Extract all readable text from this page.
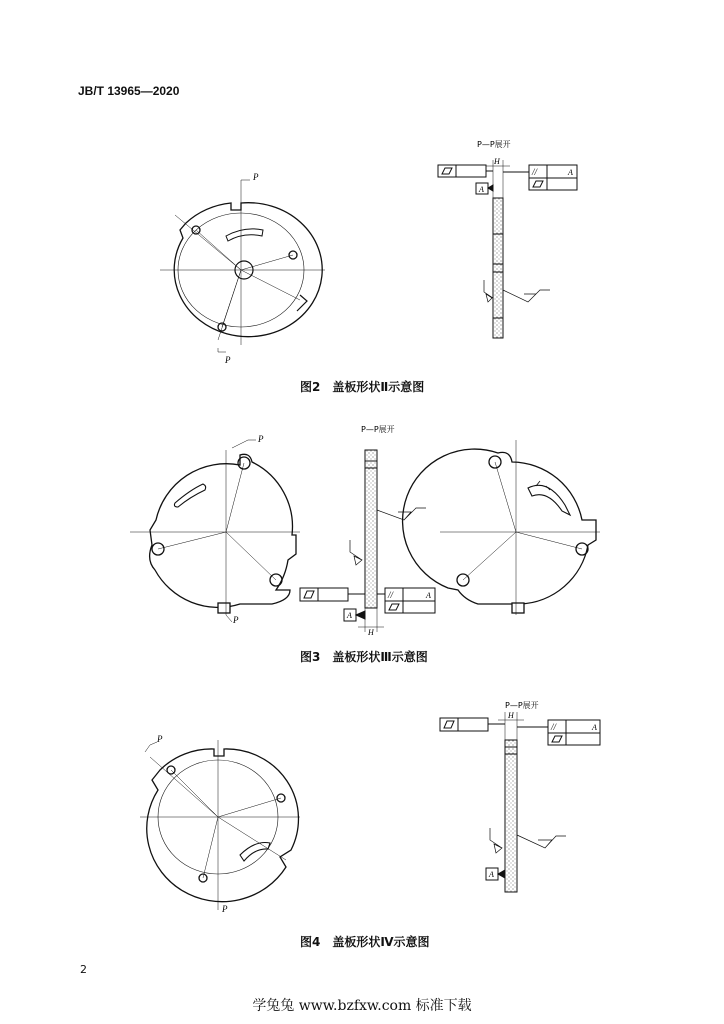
JB/T 13965—2020
P
P
P—P展开
H
A
//	A
P
P
P—P展开
H
A
//	A
P
P
P—P展开
H
//	A
A
图2　盖板形状Ⅱ示意图
图3　盖板形状Ⅲ示意图
图4　盖板形状Ⅳ示意图
2
学兔兔 www.bzfxw.com 标准下载
